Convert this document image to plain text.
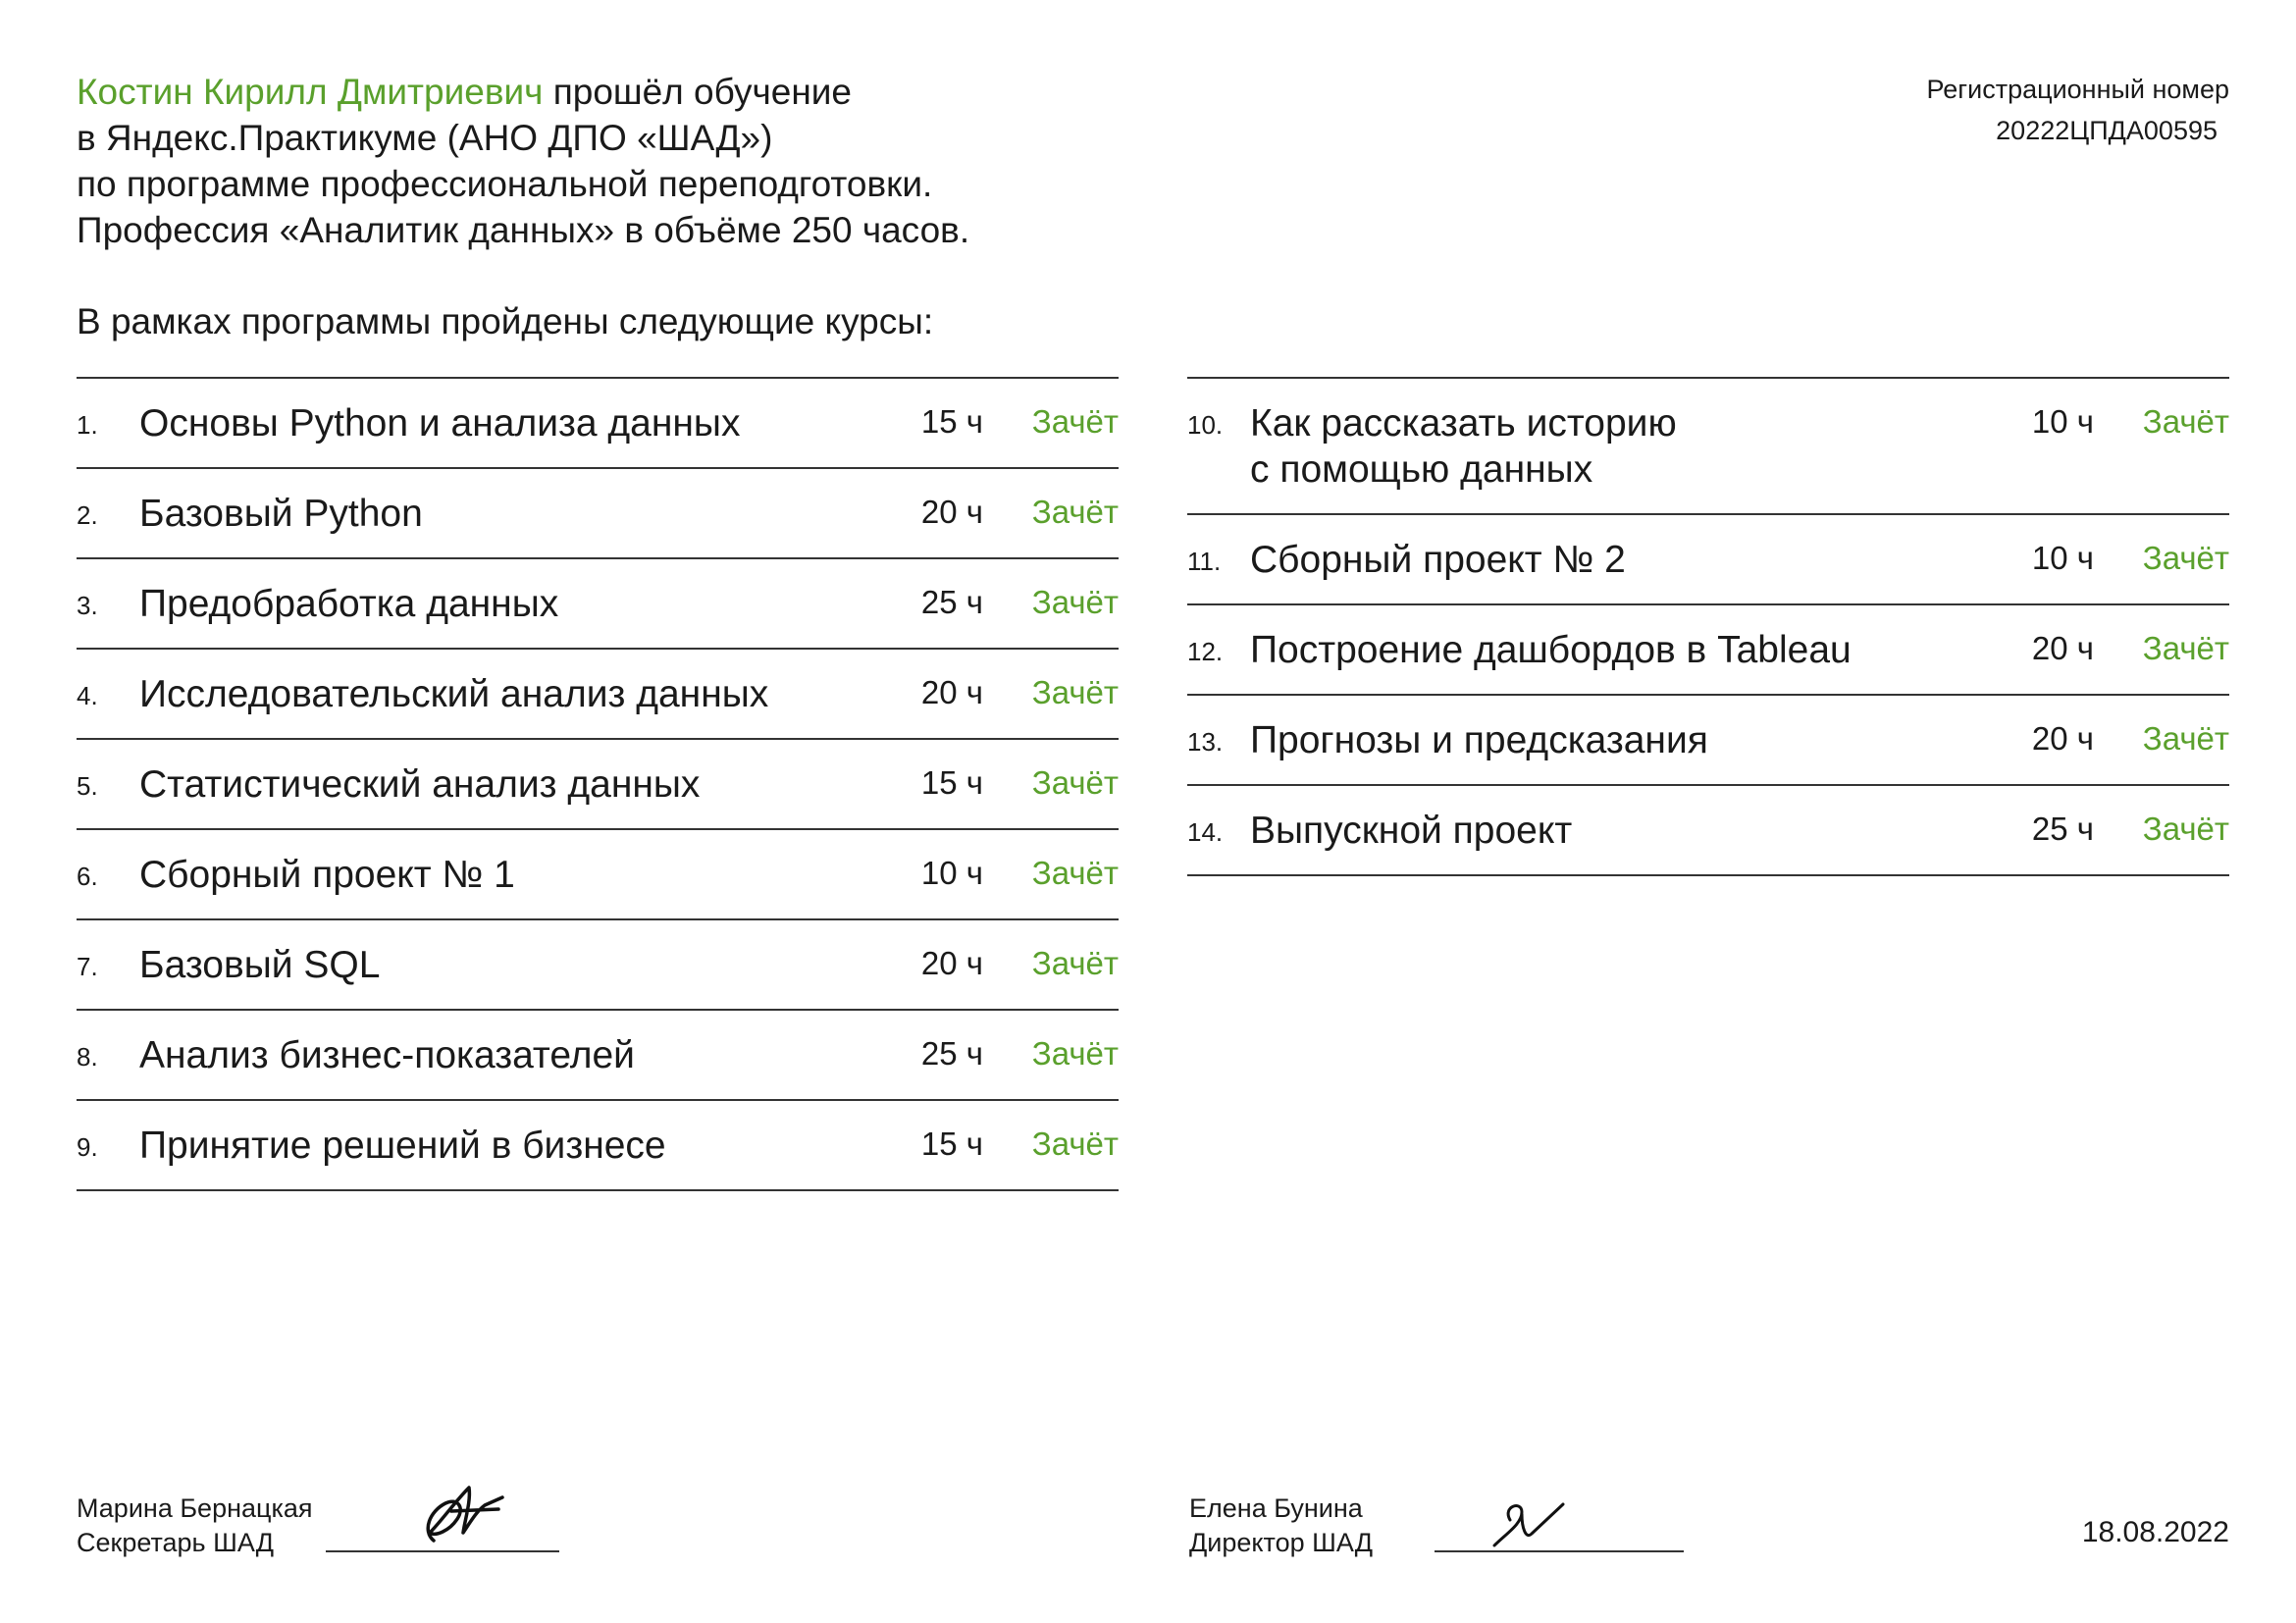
Костин Кирилл Дмитриевич прошёл обучение

в Яндекс.Практикуме (АНО ДПО «ШАД»)

по программе профессиональной переподготовки.

Профессия «Аналитик данных» в объёме 250 часов.

В рамках программы пройдены следующие курсы:

Регистрационный номер
20222ЦПДА00595
1. Основы Python и анализа данных	15 ч	Зачёт
2. Базовый Python	20 ч	Зачёт
3. Предобработка данных	25 ч	Зачёт
4. Исследовательский анализ данных	20 ч	Зачёт
5. Статистический анализ данных	15 ч	Зачёт
6. Сборный проект № 1	10 ч	Зачёт
7. Базовый SQL	20 ч	Зачёт
8. Анализ бизнес-показателей	25 ч	Зачёт
9. Принятие решений в бизнесе	15 ч	Зачёт
10. Как рассказать историю
с помощью данных
10 ч	Зачёт
11. Сборный проект № 2	10 ч	Зачёт
12. Построение дашбордов в Tableau	20 ч	Зачёт
13. Прогнозы и предсказания	20 ч	Зачёт
14. Выпускной проект	25 ч	Зачёт
Марина Бернацкая
Секретарь ШАД
Елена Бунина
Директор ШАД	18.08.2022
